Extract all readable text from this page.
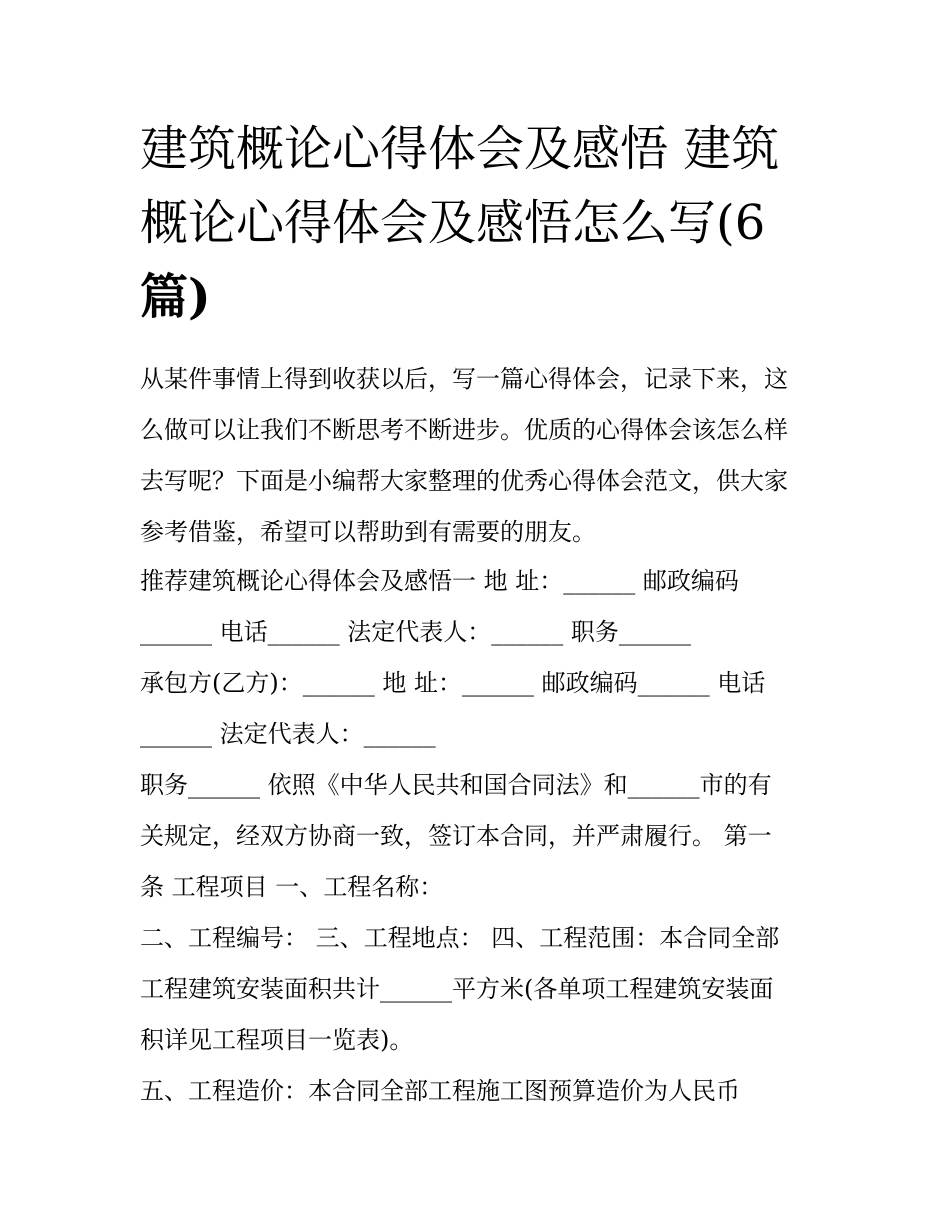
建筑概论心得体会及感悟 建筑
概论心得体会及感悟怎么写(6
篇)

从某件事情上得到收获以后，写一篇心得体会，记录下来，这
么做可以让我们不断思考不断进步。优质的心得体会该怎么样
去写呢？下面是小编帮大家整理的优秀心得体会范文，供大家
参考借鉴，希望可以帮助到有需要的朋友。

推荐建筑概论心得体会及感悟一 地 址：______ 邮政编码
______ 电话______ 法定代表人：______ 职务______
承包方(乙方)：______ 地 址：______ 邮政编码______ 电话
______ 法定代表人：______
职务______ 依照《中华人民共和国合同法》和______市的有
关规定，经双方协商一致，签订本合同，并严肃履行。 第一
条 工程项目 一、工程名称：
二、工程编号： 三、工程地点： 四、工程范围：本合同全部
工程建筑安装面积共计______平方米(各单项工程建筑安装面
积详见工程项目一览表)。
五、工程造价：本合同全部工程施工图预算造价为人民币
